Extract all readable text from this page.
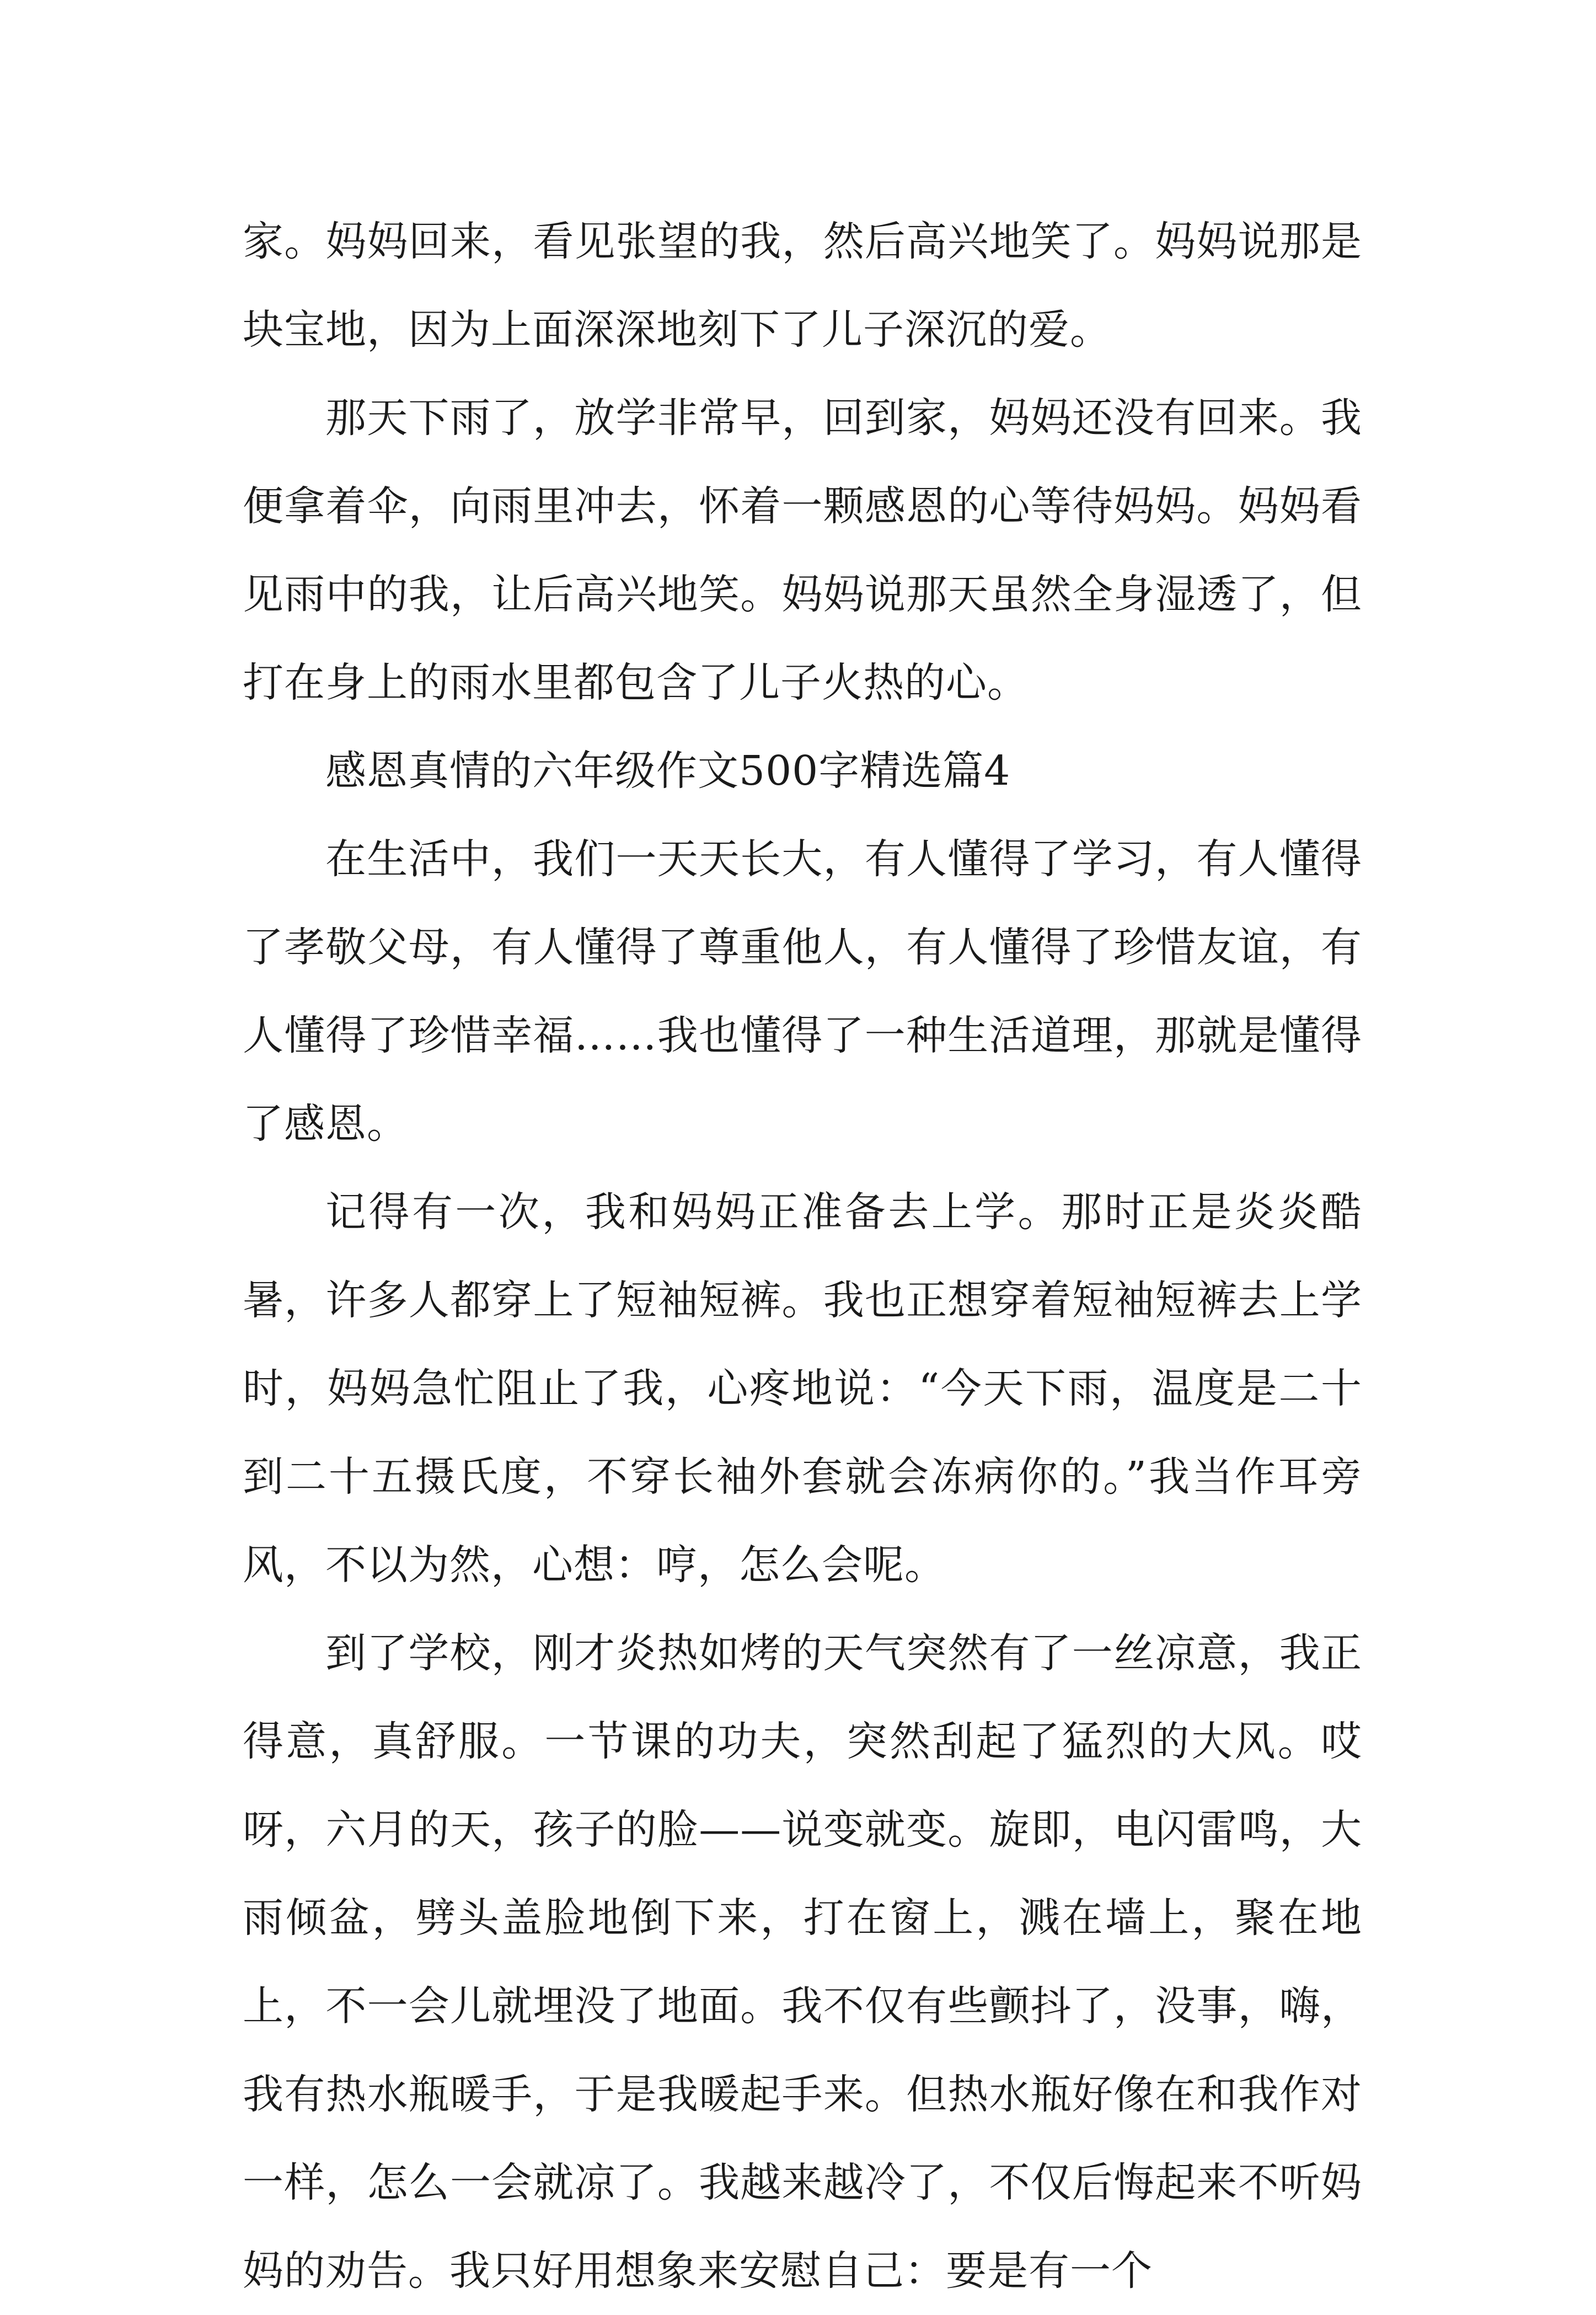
家。妈妈回来，看见张望的我，然后高兴地笑了。妈妈说那是块宝地，因为上面深深地刻下了儿子深沉的爱。

那天下雨了，放学非常早，回到家，妈妈还没有回来。我便拿着伞，向雨里冲去，怀着一颗感恩的心等待妈妈。妈妈看见雨中的我，让后高兴地笑。妈妈说那天虽然全身湿透了，但打在身上的雨水里都包含了儿子火热的心。

感恩真情的六年级作文500字精选篇4

在生活中，我们一天天长大，有人懂得了学习，有人懂得了孝敬父母，有人懂得了尊重他人，有人懂得了珍惜友谊，有人懂得了珍惜幸福……我也懂得了一种生活道理，那就是懂得了感恩。

记得有一次，我和妈妈正准备去上学。那时正是炎炎酷暑，许多人都穿上了短袖短裤。我也正想穿着短袖短裤去上学时，妈妈急忙阻止了我，心疼地说：“今天下雨，温度是二十到二十五摄氏度，不穿长袖外套就会冻病你的。”我当作耳旁风，不以为然，心想：哼，怎么会呢。

到了学校，刚才炎热如烤的天气突然有了一丝凉意，我正得意，真舒服。一节课的功夫，突然刮起了猛烈的大风。哎呀，六月的天，孩子的脸——说变就变。旋即，电闪雷鸣，大雨倾盆，劈头盖脸地倒下来，打在窗上，溅在墙上，聚在地上，不一会儿就埋没了地面。我不仅有些颤抖了，没事，嗨，我有热水瓶暖手，于是我暖起手来。但热水瓶好像在和我作对一样，怎么一会就凉了。我越来越冷了，不仅后悔起来不听妈妈的劝告。我只好用想象来安慰自己：要是有一个
